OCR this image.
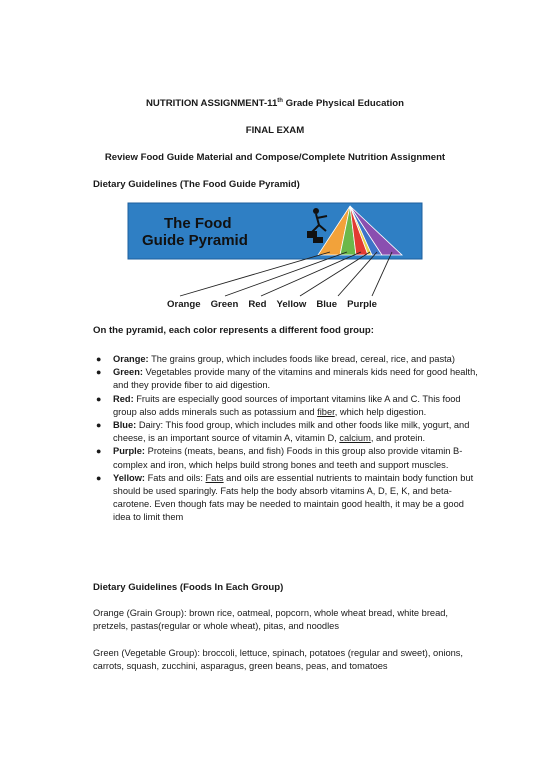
NUTRITION ASSIGNMENT-11th Grade Physical Education
FINAL EXAM
Review Food Guide Material and Compose/Complete Nutrition Assignment
Dietary Guidelines (The Food Guide Pyramid)
The Food
Guide Pyramid
Orange Green Red Yellow Blue Purple
On the pyramid, each color represents a different food group:
● Orange: The grains group, which includes foods like bread, cereal, rice, and pasta)
● Green: Vegetables provide many of the vitamins and minerals kids need for good health, and they provide fiber to aid digestion.
● Red: Fruits are especially good sources of important vitamins like A and C. This food group also adds minerals such as potassium and fiber, which help digestion.
● Blue: Dairy: This food group, which includes milk and other foods like milk, yogurt, and cheese, is an important source of vitamin A, vitamin D, calcium, and protein.
● Purple: Proteins (meats, beans, and fish) Foods in this group also provide vitamin B-complex and iron, which helps build strong bones and teeth and support muscles.
● Yellow: Fats and oils: Fats and oils are essential nutrients to maintain body function but should be used sparingly. Fats help the body absorb vitamins A, D, E, K, and beta-carotene. Even though fats may be needed to maintain good health, it may be a good idea to limit them
Dietary Guidelines (Foods In Each Group)
Orange (Grain Group): brown rice, oatmeal, popcorn, whole wheat bread, white bread, pretzels, pastas(regular or whole wheat), pitas, and noodles
Green (Vegetable Group): broccoli, lettuce, spinach, potatoes (regular and sweet), onions, carrots, squash, zucchini, asparagus, green beans, peas, and tomatoes
